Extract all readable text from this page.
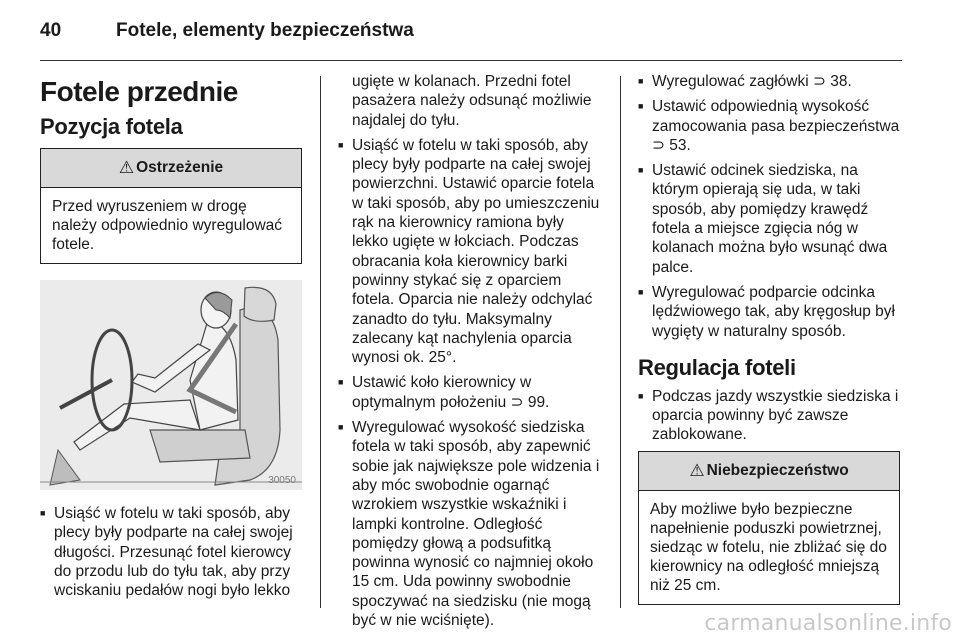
40	Fotele, elementy bezpieczeństwa
Fotele przednie
Pozycja fotela
⚠ Ostrzeżenie
Przed wyruszeniem w drogę należy odpowiednio wyregulować fotele.
30050
■ Usiąść w fotelu w taki sposób, aby plecy były podparte na całej swojej długości. Przesunąć fotel kierowcy do przodu lub do tyłu tak, aby przy wciskaniu pedałów nogi było lekko

ugięte w kolanach. Przedni fotel pasażera należy odsunąć możliwie najdalej do tyłu.

■ Usiąść w fotelu w taki sposób, aby plecy były podparte na całej swojej powierzchni. Ustawić oparcie fotela w taki sposób, aby po umieszczeniu rąk na kierownicy ramiona były lekko ugięte w łokciach. Podczas obracania koła kierownicy barki powinny stykać się z oparciem fotela. Oparcia nie należy odchylać zanadto do tyłu. Maksymalny zalecany kąt nachylenia oparcia wynosi ok. 25°.
■ Ustawić koło kierownicy w optymalnym położeniu ⊃ 99.
■ Wyregulować wysokość siedziska fotela w taki sposób, aby zapewnić sobie jak największe pole widzenia i aby móc swobodnie ogarnąć wzrokiem wszystkie wskaźniki i lampki kontrolne. Odległość pomiędzy głową a podsufitką powinna wynosić co najmniej około 15 cm. Uda powinny swobodnie spoczywać na siedzisku (nie mogą być w nie wciśnięte).
■ Wyregulować zagłówki ⊃ 38.
■ Ustawić odpowiednią wysokość zamocowania pasa bezpieczeństwa ⊃ 53.
■ Ustawić odcinek siedziska, na którym opierają się uda, w taki sposób, aby pomiędzy krawędź fotela a miejsce zgięcia nóg w kolanach można było wsunąć dwa palce.
■ Wyregulować podparcie odcinka lędźwiowego tak, aby kręgosłup był wygięty w naturalny sposób.
Regulacja foteli
■ Podczas jazdy wszystkie siedziska i oparcia powinny być zawsze zablokowane.
⚠ Niebezpieczeństwo
Aby możliwe było bezpieczne napełnienie poduszki powietrznej, siedząc w fotelu, nie zbliżać się do kierownicy na odległość mniejszą niż 25 cm.
carmanualsonline.info
